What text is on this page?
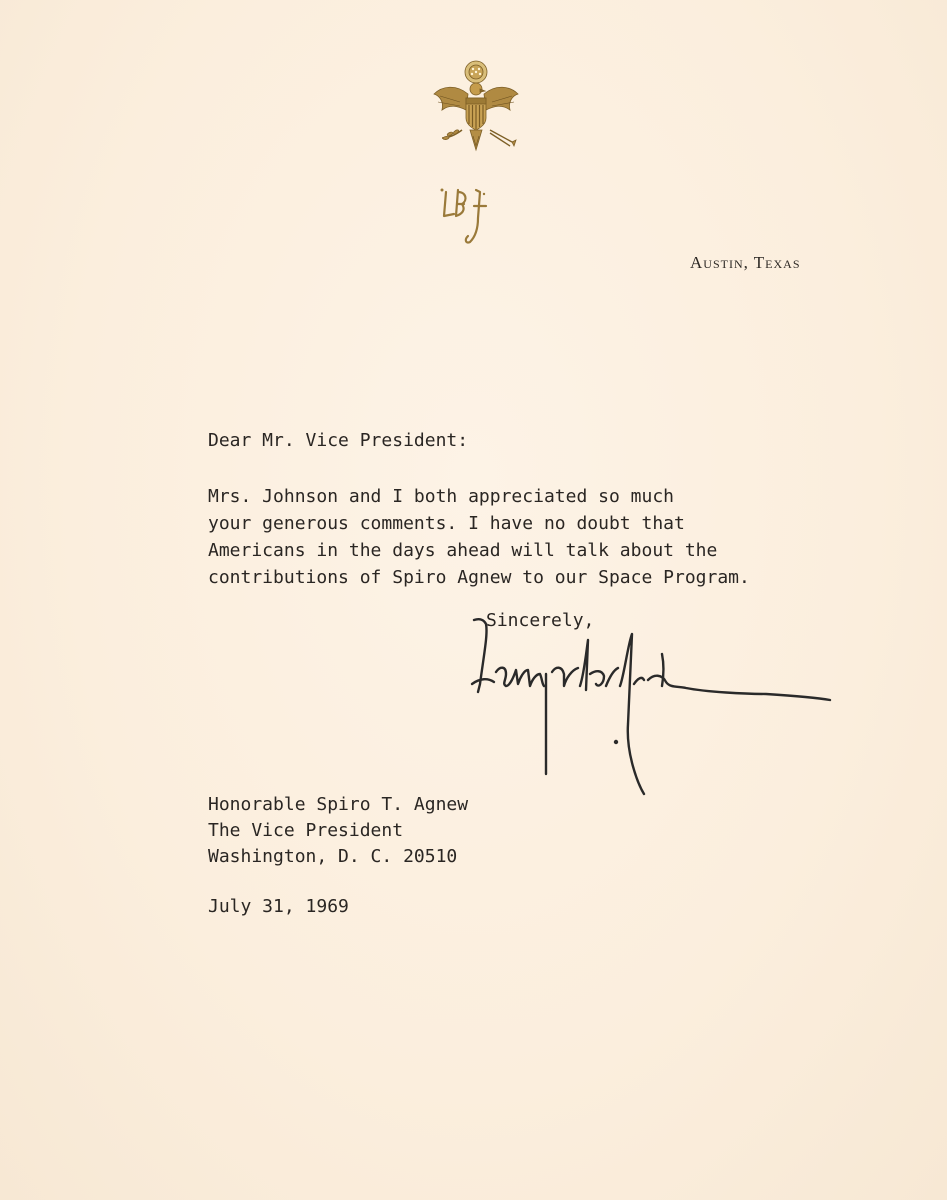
Austin, Texas
Dear Mr. Vice President:
Mrs. Johnson and I both appreciated so much
your generous comments. I have no doubt that
Americans in the days ahead will talk about the
contributions of Spiro Agnew to our Space Program.
Sincerely,
Honorable Spiro T. Agnew
The Vice President
Washington, D. C. 20510
July 31, 1969
